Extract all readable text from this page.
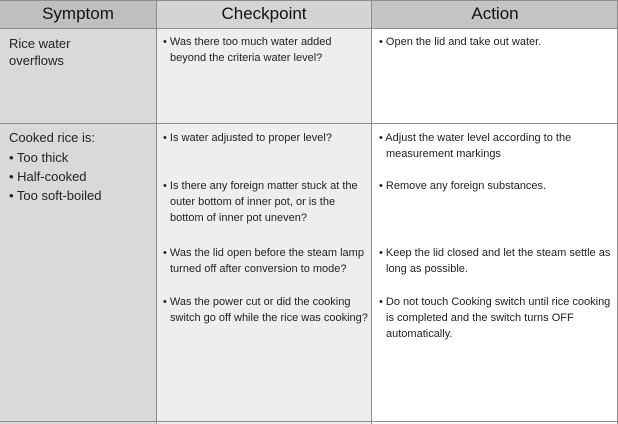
Symptom	Checkpoint	Action
Rice water overflows
• Was there too much water added beyond the criteria water level?
• Open the lid and take out water.
Cooked rice is:
• Too thick
• Half-cooked
• Too soft-boiled
• Is water adjusted to proper level?
• Is there any foreign matter stuck at the outer bottom of inner pot, or is the bottom of inner pot uneven?
• Was the lid open before the steam lamp turned off after conversion to mode?
• Was the power cut or did the cooking switch go off while the rice was cooking?
• Adjust the water level according to the measurement markings
• Remove any foreign substances.
• Keep the lid closed and let the steam settle as long as possible.
• Do not touch Cooking switch until rice cooking is completed and the switch turns OFF automatically.
